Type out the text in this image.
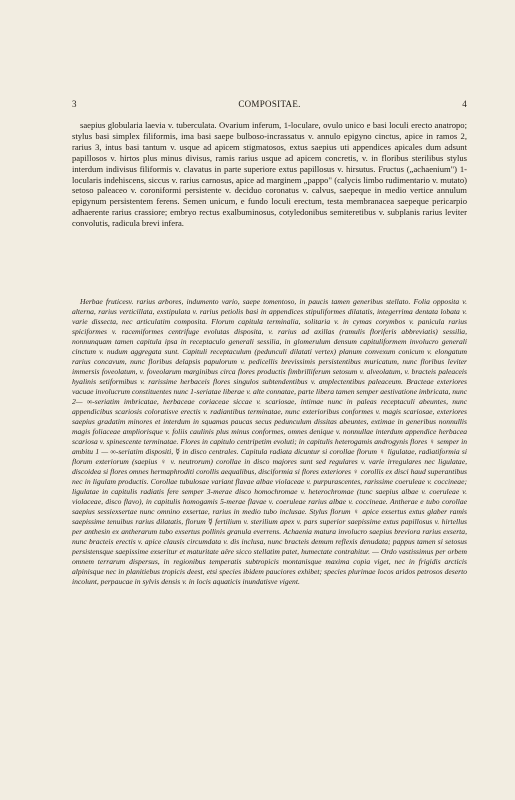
3	COMPOSITAE.	4

saepius globularia laevia v. tuberculata. Ovarium inferum, 1-loculare, ovulo unico e basi loculi erecto anatropo; stylus basi simplex filiformis, ima basi saepe bulboso-incrassatus v. annulo epigyno cinctus, apice in ramos 2, rarius 3, intus basi tantum v. usque ad apicem stigmatosos, extus saepius uti appendices apicales dum adsunt papillosos v. hirtos plus minus divisus, ramis rarius usque ad apicem concretis, v. in floribus sterilibus stylus interdum indivisus filiformis v. clavatus in parte superiore extus papillosus v. hirsutus. Fructus („achaenium") 1-locularis indehiscens, siccus v. rarius carnosus, apice ad marginem „pappo" (calycis limbo rudimentario v. mutato) setoso paleaceo v. coroniformi persistente v. deciduo coronatus v. calvus, saepeque in medio vertice annulum epigynum persistentem ferens. Semen unicum, e fundo loculi erectum, testa membranacea saepeque pericarpio adhaerente rarius crassiore; embryo rectus exalbuminosus, cotyledonibus semiteretibus v. subplanis rarius leviter convolutis, radicula brevi infera.

Herbae fruticesv. rarius arbores, indumento vario, saepe tomentoso, in paucis tamen generibus stellato. Folia opposita v. alterna, rarius verticillata, exstipulata v. rarius petiolis basi in appendices stipuliformes dilatatis, integerrima dentata lobata v. varie dissecta, nec articulatim composita. Florum capitula terminalia, solitaria v. in cymas corymbos v. panicula rarius spiciformes v. racemiformes centrifuge evolutas disposita, v. rarius ad axillas (ramulis floriferis abbreviatis) sessilia, nonnunquam tamen capitula ipsa in receptaculo generali sessilia, in glomerulum densum capituliformem involucro generali cinctum v. nudum aggregata sunt. Capituli receptaculum (pedunculi dilatati vertex) planum convexum conicum v. elongatum rarius concavum, nunc floribus delapsis papulorum v. pedicellis brevissimis persistentibus muricatum, nunc floribus leviter immersis foveolatum, v. foveolarum marginibus circa flores productis fimbrilliferum setosum v. alveolatum, v. bracteis paleaceis hyalinis setiformibus v. rarissime herbaceis flores singulos subtendentibus v. amplectentibus paleaceum. Bracteae exteriores vacuae involucrum constituentes nunc 1-seriatae liberae v. alte connatae, parte libera tamen semper aestivatione imbricata, nunc 2— ∞-seriatim imbricatae, herbaceae coriaceae siccae v. scariosae, intimae nunc in paleas receptaculi abeuntes, nunc appendicibus scariosis coloratisve erectis v. radiantibus terminatae, nunc exterioribus conformes v. magis scariosae, exteriores saepius gradatim minores et interdum in squamas paucas secus pedunculum dissitas abeuntes, extimae in generibus nonnullis magis foliaceae ampliorisque v. foliis caulinis plus minus conformes, omnes denique v. nonnullae interdum appendice herbacea scariosa v. spinescente terminatae. Flores in capitulo centripetim evoluti; in capitulis heterogamis androgynis flores ♀ semper in ambitu 1 — ∞-seriatim dispositi, ☿ in disco centrales. Capitula radiata dicuntur si corollae florum ♀ ligulatae, radiatiformia si florum exteriorum (saepius ♀ v. neutrorum) corollae in disco majores sunt sed regulares v. varie irregulares nec ligulatae, discoidea si flores omnes hermaphroditi corollis aequalibus, disciformia si flores exteriores ♀ corollis ex disci haud superantibus nec in ligulam productis. Corollae tubulosae variant flavae albae violaceae v. purpurascentes, rarissime coeruleae v. coccineae; ligulatae in capitulis radiatis fere semper 3-merae disco homochromae v. heterochromae (tunc saepius albae v. coeruleae v. violaceae, disco flavo), in capitulis homogamis 5-merae flavae v. coeruleae rarius albae v. coccineae. Antherae e tubo corollae saepius sessiexsertae nunc omnino exsertae, rarius in medio tubo inclusae. Stylus florum ♀ apice exsertus extus glaber ramis saepissime tenuibus rarius dilatatis, florum ☿ fertilium v. sterilium apex v. pars superior saepissime extus papillosus v. hirtellus per anthesin ex antherarum tubo exsertus pollinis granula everrens. Achaenia matura involucro saepius breviora rarius exserta, nunc bracteis erectis v. apice clausis circumdata v. dis inclusa, nunc bracteis demum reflexis denudata; pappus tamen si setosus persistensque saepissime exseritur et maturitate aëre sicco stellatim patet, humectate contrahitur. — Ordo vastissimus per orbem omnem terrarum dispersus, in regionibus temperatis subtropicis montanisque maxima copia viget, nec in frigidis arcticis alpinisque nec in planitiebus tropicis deest, etsi species ibidem pauciores exhibet; species plurimae locos aridos petrosos deserto incolunt, perpaucae in sylvis densis v. in locis aquaticis inundatisve vigent.
